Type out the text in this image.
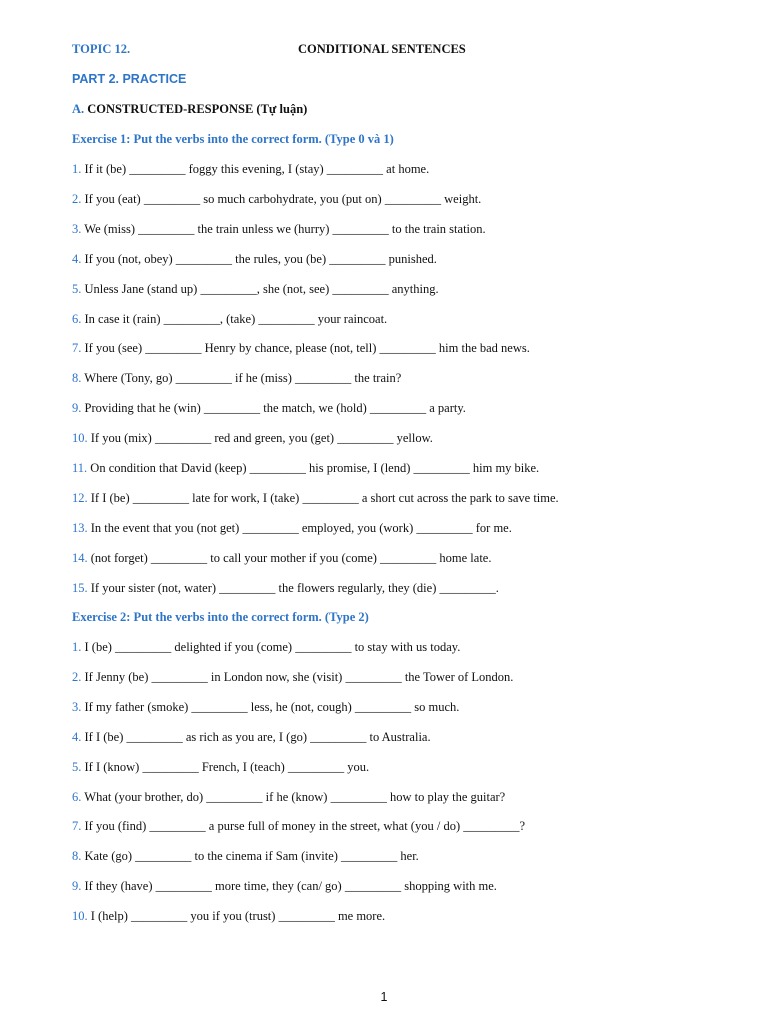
TOPIC 12.	CONDITIONAL SENTENCES
PART 2. PRACTICE
A. CONSTRUCTED-RESPONSE (Tự luận)
Exercise 1: Put the verbs into the correct form. (Type 0 và 1)
1. If it (be) _________ foggy this evening, I (stay) _________ at home.
2. If you (eat) _________ so much carbohydrate, you (put on) _________ weight.
3. We (miss) _________ the train unless we (hurry) _________ to the train station.
4. If you (not, obey) _________ the rules, you (be) _________ punished.
5. Unless Jane (stand up) _________, she (not, see) _________ anything.
6. In case it (rain) _________, (take) _________ your raincoat.
7. If you (see) _________ Henry by chance, please (not, tell) _________ him the bad news.
8. Where (Tony, go) _________ if he (miss) _________ the train?
9. Providing that he (win) _________ the match, we (hold) _________ a party.
10. If you (mix) _________ red and green, you (get) _________ yellow.
11. On condition that David (keep) _________ his promise, I (lend) _________ him my bike.
12. If I (be) _________ late for work, I (take) _________ a short cut across the park to save time.
13. In the event that you (not get) _________ employed, you (work) _________ for me.
14. (not forget) _________ to call your mother if you (come) _________ home late.
15. If your sister (not, water) _________ the flowers regularly, they (die) _________.
Exercise 2: Put the verbs into the correct form. (Type 2)
1. I (be) _________ delighted if you (come) _________ to stay with us today.
2. If Jenny (be) _________ in London now, she (visit) _________ the Tower of London.
3. If my father (smoke) _________ less, he (not, cough) _________ so much.
4. If I (be) _________ as rich as you are, I (go) _________ to Australia.
5. If I (know) _________ French, I (teach) _________ you.
6. What (your brother, do) _________ if he (know) _________ how to play the guitar?
7. If you (find) _________ a purse full of money in the street, what (you / do) _________?
8. Kate (go) _________ to the cinema if Sam (invite) _________ her.
9. If they (have) _________ more time, they (can/ go) _________ shopping with me.
10. I (help) _________ you if you (trust) _________ me more.
1
